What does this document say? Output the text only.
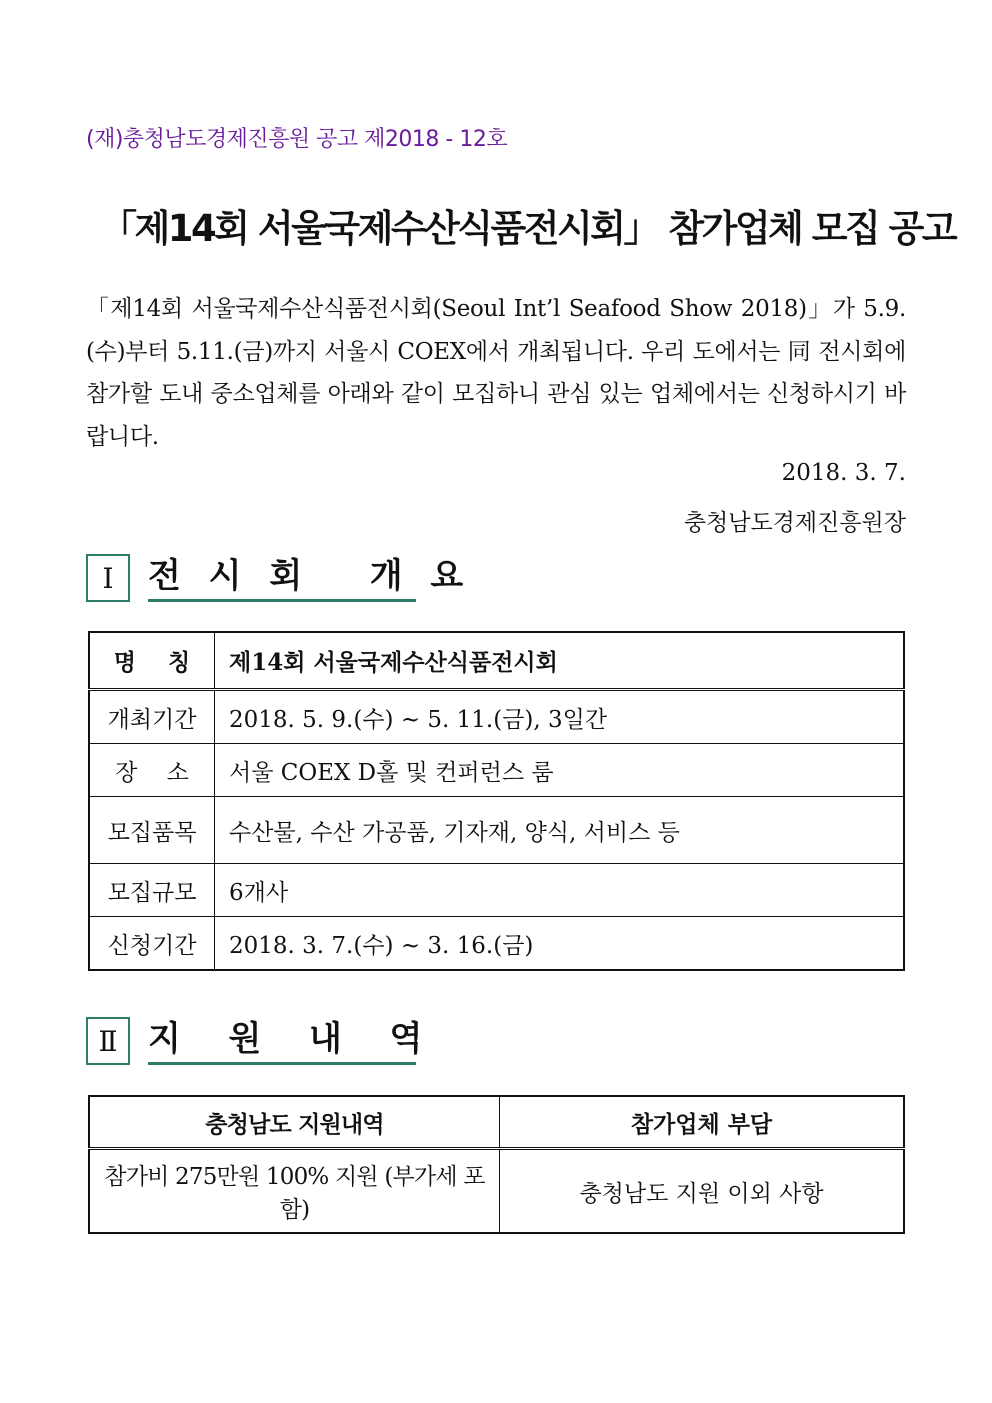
(재)충청남도경제진흥원 공고 제2018 - 12호
「제14회 서울국제수산식품전시회」 참가업체 모집 공고
「제14회 서울국제수산식품전시회(Seoul Int’l Seafood Show 2018)」가 5.9.(수)부터 5.11.(금)까지 서울시 COEX에서 개최됩니다. 우리 도에서는 同 전시회에 참가할 도내 중소업체를 아래와 같이 모집하니 관심 있는 업체에서는 신청하시기 바랍니다.
2018. 3. 7.
충청남도경제진흥원장
Ⅰ	전 시 회   개 요
명    칭	제14회 서울국제수산식품전시회
개최기간	2018. 5. 9.(수) ~ 5. 11.(금), 3일간
장    소	서울 COEX D홀 및 컨퍼런스 룸
모집품목	수산물, 수산 가공품, 기자재, 양식, 서비스 등
모집규모	6개사
신청기간	2018. 3. 7.(수) ~ 3. 16.(금)
Ⅱ 지  원  내  역
충청남도 지원내역	참가업체 부담
참가비 275만원 100% 지원 (부가세 포함)	충청남도 지원 이외 사항
